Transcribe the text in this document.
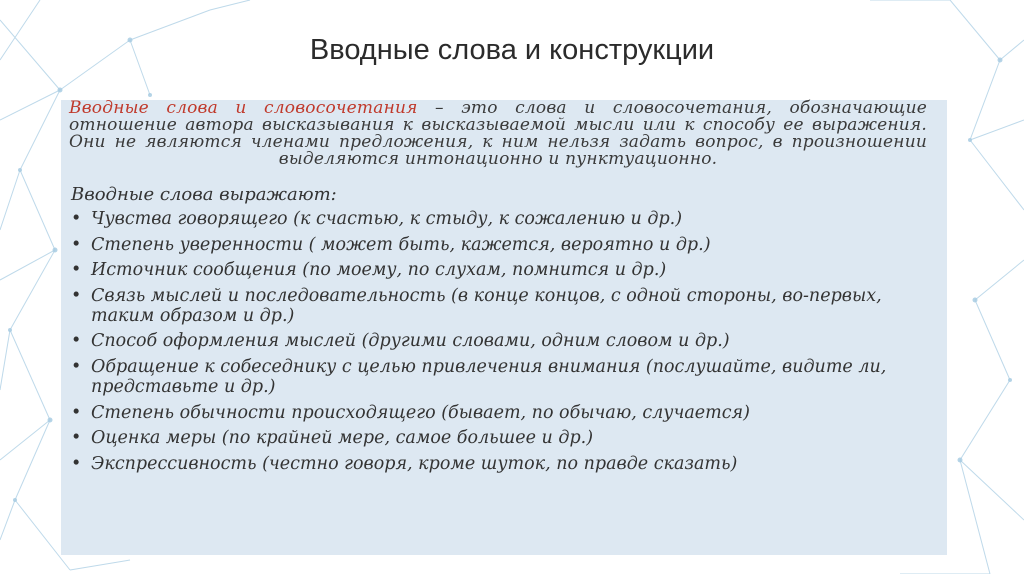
Вводные слова и конструкции

Вводные слова и словосочетания – это слова и словосочетания, обозначающие отношение автора высказывания к высказываемой мысли или к способу ее выражения. Они не являются членами предложения, к ним нельзя задать вопрос, в произношении выделяются интонационно и пунктуационно.

Вводные слова выражают:
• Чувства говорящего (к счастью, к стыду, к сожалению и др.)
• Степень уверенности ( может быть, кажется, вероятно и др.)
• Источник сообщения (по моему, по слухам, помнится и др.)
• Связь мыслей и последовательность (в конце концов, с одной стороны, во-первых, таким образом и др.)
• Способ оформления мыслей (другими словами, одним словом и др.)
• Обращение к собеседнику с целью привлечения внимания (послушайте, видите ли, представьте и др.)
• Степень обычности происходящего (бывает, по обычаю, случается)
• Оценка меры (по крайней мере, самое большее и др.)
• Экспрессивность (честно говоря, кроме шуток, по правде сказать)
